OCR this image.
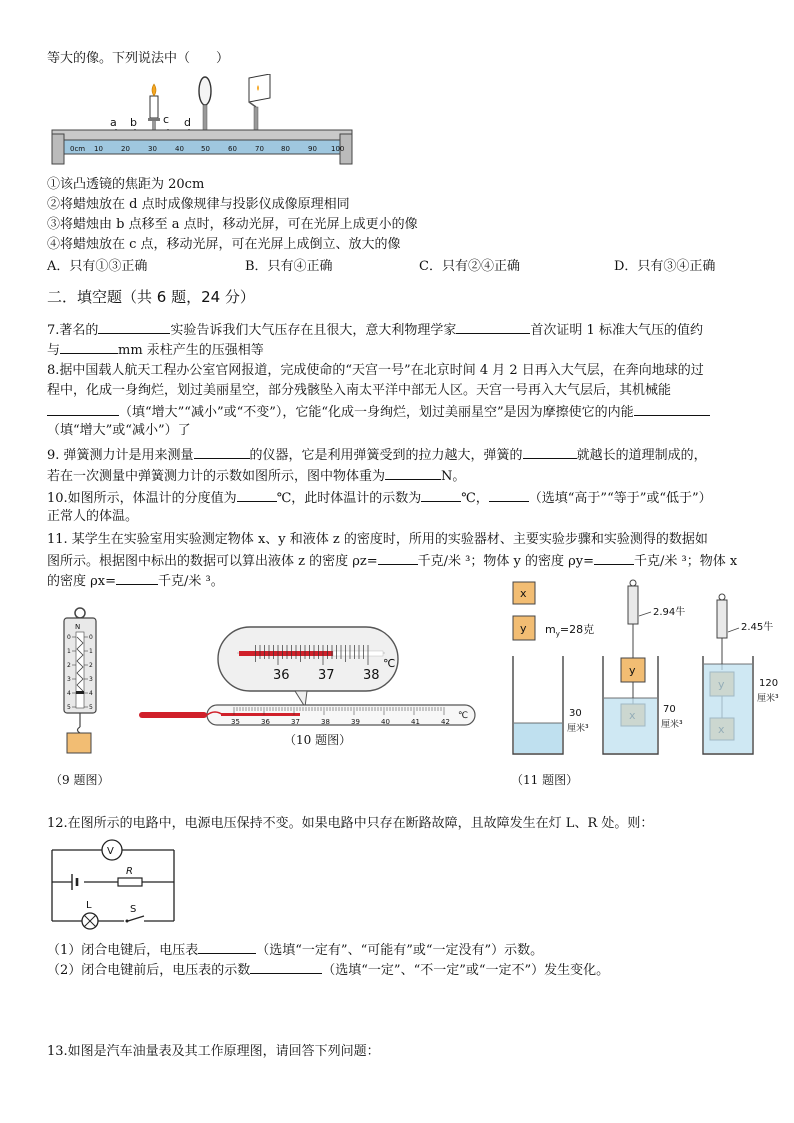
等大的像。下列说法中（　　）
a b c d
0cm 10	20	30	40 50	60	70 80	90 100
①该凸透镜的焦距为 20cm
②将蜡烛放在 d 点时成像规律与投影仪成像原理相同
③将蜡烛由 b 点移至 a 点时，移动光屏，可在光屏上成更小的像
④将蜡烛放在 c 点，移动光屏，可在光屏上成倒立、放大的像
A．只有①③正确	B．只有④正确	C．只有②④正确	D．只有③④正确
二．填空题（共 6 题，24 分）
7.著名的	实验告诉我们大气压存在且很大，意大利物理学家	首次证明 1 标准大气压的值约
与	mm 汞柱产生的压强相等
8.据中国载人航天工程办公室官网报道，完成使命的“天宫一号”在北京时间 4 月 2 日再入大气层，在奔向地球的过
程中，化成一身绚烂，划过美丽星空，部分残骸坠入南太平洋中部无人区。天宫一号再入大气层后，其机械能
（填“增大”“减小”或“不变”），它能“化成一身绚烂，划过美丽星空”是因为摩擦使它的内能
（填“增大”或“减小”）了
9. 弹簧测力计是用来测量	的仪器，它是利用弹簧受到的拉力越大，弹簧的	就越长的道理制成的，
若在一次测量中弹簧测力计的示数如图所示，图中物体重为	N。
10.如图所示，体温计的分度值为	℃，此时体温计的示数为	℃，	（选填“高于”“等于”或“低于”）
正常人的体温。
11. 某学生在实验室用实验测定物体 x、y 和液体 z 的密度时，所用的实验器材、主要实验步骤和实验测得的数据如
图所示。根据图中标出的数据可以算出液体 z 的密度 ρz=	千克/米 ³；物体 y 的密度 ρy=	千克/米 ³；物体 x
的密度 ρx=	千克/米 ³。
N
0
1
2
3
4
5
0
1
2
3
4
5
（9 题图）
36 37 38
℃
35	36	37	38	39	40	41	42
℃
（10 题图）
x
y $m_y=28$克
30
厘米³
2.94牛
y
70
厘米³
2.45牛
120
厘米³
（11 题图）
12.在图所示的电路中，电源电压保持不变。如果电路中只存在断路故障，且故障发生在灯 L、R 处。则：
V
R
L	S
（1）闭合电键后，电压表	（选填“一定有”、“可能有”或“一定没有”）示数。
（2）闭合电键前后，电压表的示数	（选填“一定”、“不一定”或“一定不”）发生变化。
13.如图是汽车油量表及其工作原理图，请回答下列问题：
